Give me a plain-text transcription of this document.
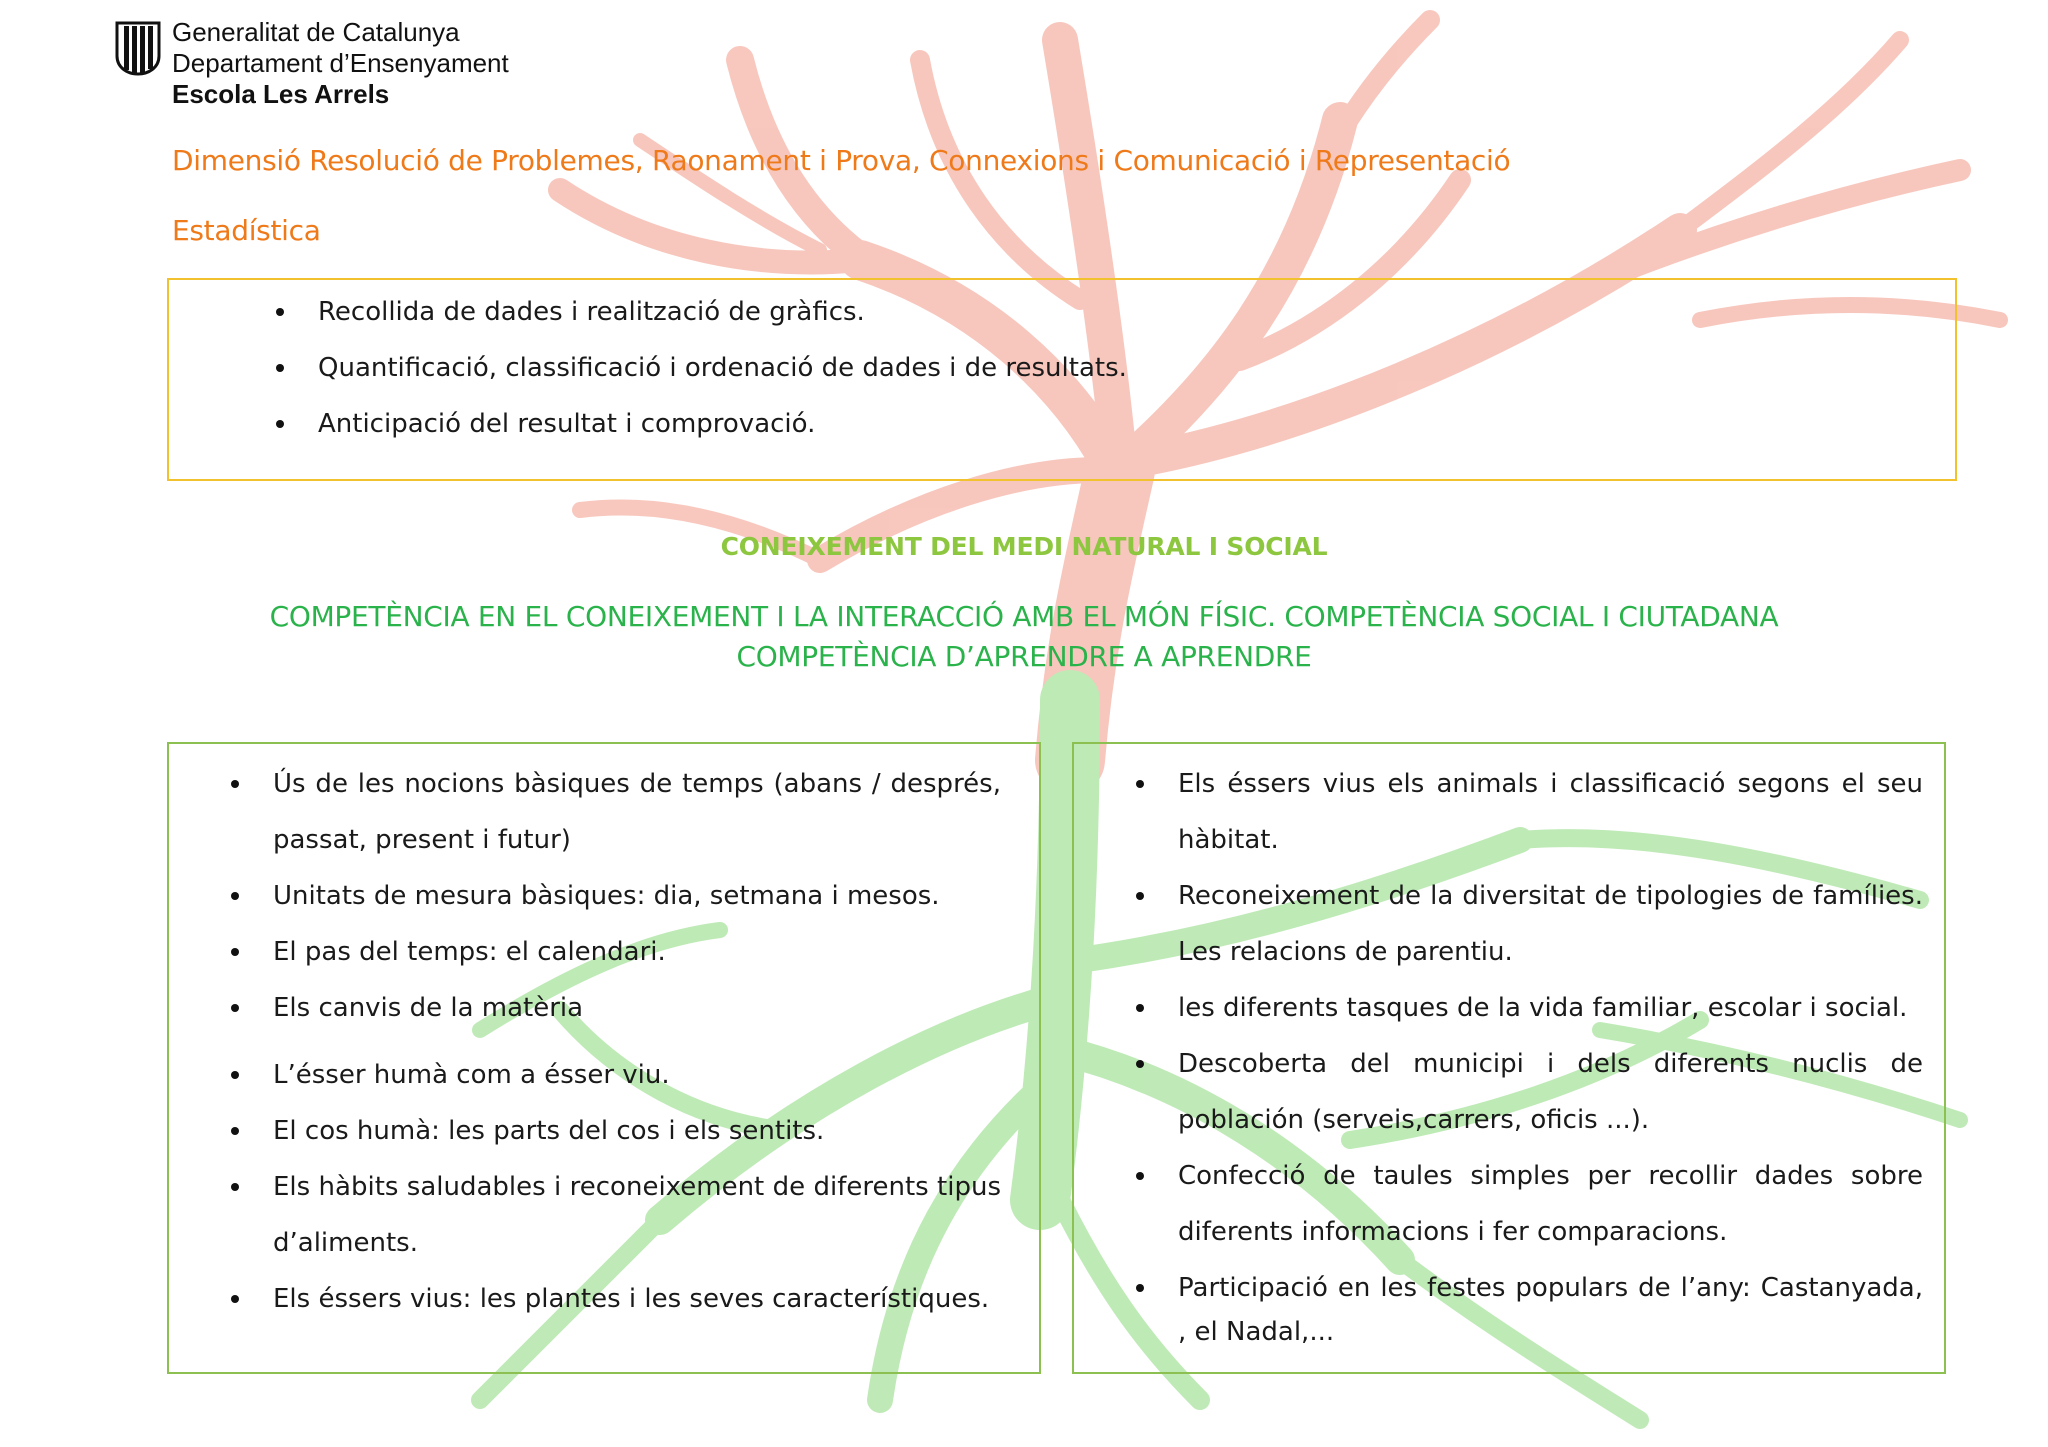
Generalitat de Catalunya
Departament d’Ensenyament
Escola Les Arrels
Dimensió Resolució de Problemes, Raonament i Prova, Connexions i Comunicació i Representació
Estadística
Recollida de dades i realització de gràfics.
Quantificació, classificació i ordenació de dades i de resultats.
Anticipació del resultat i comprovació.
CONEIXEMENT DEL MEDI NATURAL I SOCIAL
COMPETÈNCIA EN EL CONEIXEMENT I LA INTERACCIÓ AMB EL MÓN FÍSIC. COMPETÈNCIA SOCIAL I CIUTADANA
COMPETÈNCIA D’APRENDRE A APRENDRE
Ús de les nocions bàsiques de temps (abans / després, passat, present i futur)
Unitats de mesura bàsiques: dia, setmana i mesos.
El pas del temps: el calendari.
Els canvis de la matèria
L’ésser humà com a ésser viu.
El cos humà: les parts del cos i els sentits.
Els hàbits saludables i reconeixement de diferents tipus d’aliments.
Els éssers vius: les plantes i les seves característiques.
Els éssers vius els animals i classificació segons el seu hàbitat.
Reconeixement de la diversitat de tipologies de famílies. Les relacions de parentiu.
les diferents tasques de la vida familiar, escolar i social.
Descoberta del municipi i dels diferents nuclis de población (serveis,carrers, oficis ...).
Confecció de taules simples per recollir dades sobre diferents informacions i fer comparacions.
Participació en les festes populars de l’any: Castanyada, , el Nadal,...
